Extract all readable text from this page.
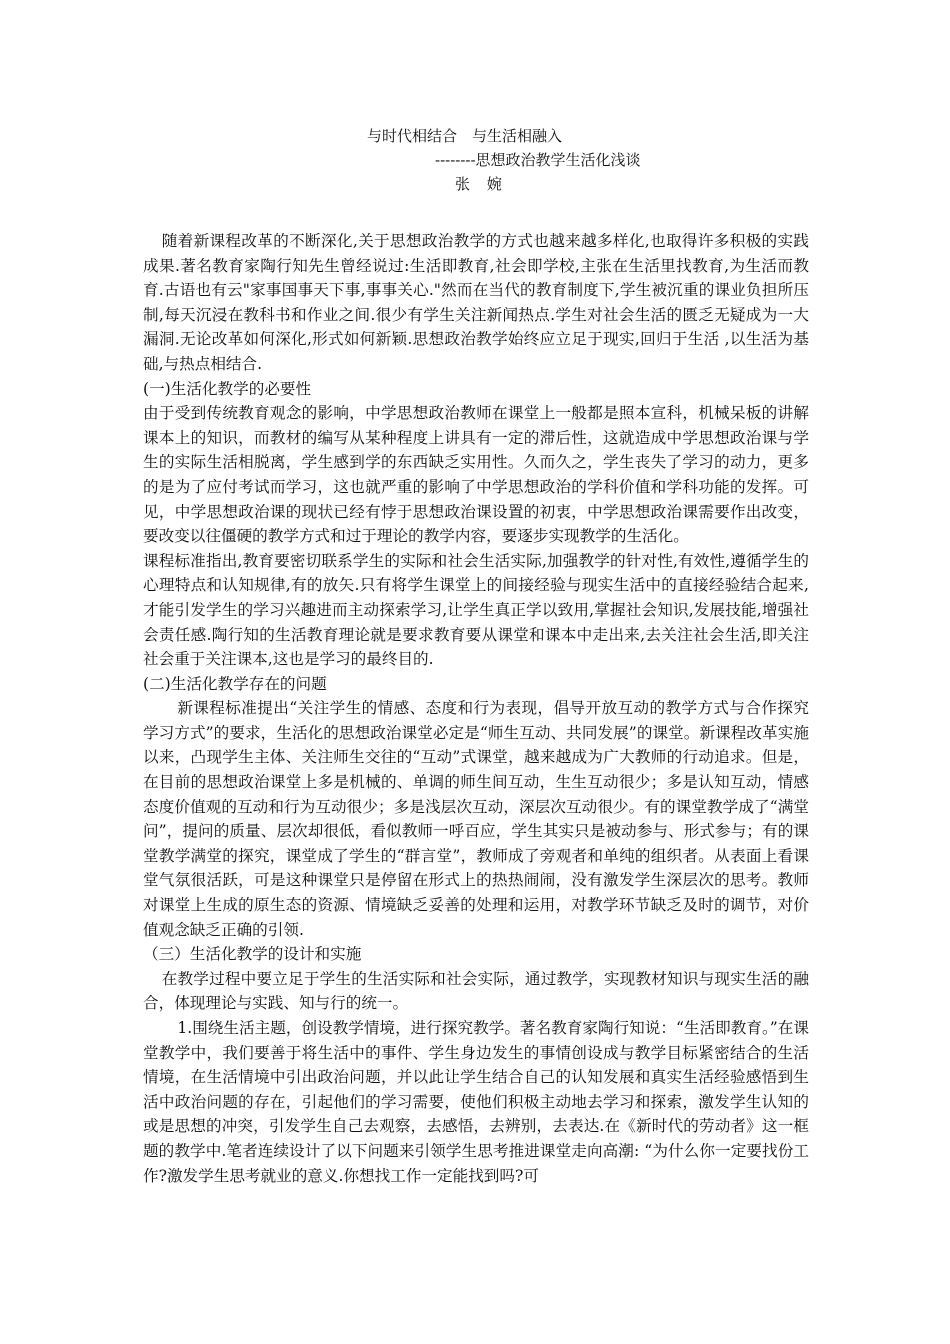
与时代相结合　与生活相融入
--------思想政治教学生活化浅谈
张 婉

随着新课程改革的不断深化,关于思想政治教学的方式也越来越多样化,也取得许多积极的实践成果.著名教育家陶行知先生曾经说过:生活即教育,社会即学校,主张在生活里找教育,为生活而教育.古语也有云"家事国事天下事,事事关心."然而在当代的教育制度下,学生被沉重的课业负担所压制,每天沉浸在教科书和作业之间.很少有学生关注新闻热点.学生对社会生活的匮乏无疑成为一大漏洞.无论改革如何深化,形式如何新颖.思想政治教学始终应立足于现实,回归于生活 ,以生活为基础,与热点相结合.

(一)生活化教学的必要性

由于受到传统教育观念的影响，中学思想政治教师在课堂上一般都是照本宣科，机械呆板的讲解课本上的知识，而教材的编写从某种程度上讲具有一定的滞后性，这就造成中学思想政治课与学生的实际生活相脱离，学生感到学的东西缺乏实用性。久而久之，学生丧失了学习的动力，更多的是为了应付考试而学习，这也就严重的影响了中学思想政治的学科价值和学科功能的发挥。可见，中学思想政治课的现状已经有悖于思想政治课设置的初衷，中学思想政治课需要作出改变，要改变以往僵硬的教学方式和过于理论的教学内容，要逐步实现教学的生活化。

课程标准指出,教育要密切联系学生的实际和社会生活实际,加强教学的针对性,有效性,遵循学生的心理特点和认知规律,有的放矢.只有将学生课堂上的间接经验与现实生活中的直接经验结合起来,才能引发学生的学习兴趣进而主动探索学习,让学生真正学以致用,掌握社会知识,发展技能,增强社会责任感.陶行知的生活教育理论就是要求教育要从课堂和课本中走出来,去关注社会生活,即关注社会重于关注课本,这也是学习的最终目的.

(二)生活化教学存在的问题

新课程标准提出“关注学生的情感、态度和行为表现，倡导开放互动的教学方式与合作探究学习方式”的要求，生活化的思想政治课堂必定是“师生互动、共同发展”的课堂。新课程改革实施以来，凸现学生主体、关注师生交往的“互动”式课堂，越来越成为广大教师的行动追求。但是，在目前的思想政治课堂上多是机械的、单调的师生间互动，生生互动很少；多是认知互动，情感态度价值观的互动和行为互动很少；多是浅层次互动，深层次互动很少。有的课堂教学成了“满堂问”，提问的质量、层次却很低，看似教师一呼百应，学生其实只是被动参与、形式参与；有的课堂教学满堂的探究，课堂成了学生的“群言堂”，教师成了旁观者和单纯的组织者。从表面上看课堂气氛很活跃，可是这种课堂只是停留在形式上的热热闹闹，没有激发学生深层次的思考。教师对课堂上生成的原生态的资源、情境缺乏妥善的处理和运用，对教学环节缺乏及时的调节，对价值观念缺乏正确的引领.

（三）生活化教学的设计和实施

在教学过程中要立足于学生的生活实际和社会实际，通过教学，实现教材知识与现实生活的融合，体现理论与实践、知与行的统一。

1.围绕生活主题，创设教学情境，进行探究教学。著名教育家陶行知说：“生活即教育。”在课堂教学中，我们要善于将生活中的事件、学生身边发生的事情创设成与教学目标紧密结合的生活情境，在生活情境中引出政治问题，并以此让学生结合自己的认知发展和真实生活经验感悟到生活中政治问题的存在，引起他们的学习需要，使他们积极主动地去学习和探索，激发学生认知的或是思想的冲突，引发学生自己去观察，去感悟，去辨别，去表达.在《新时代的劳动者》这一框题的教学中.笔者连续设计了以下问题来引领学生思考推进课堂走向高潮: “为什么你一定要找份工作?激发学生思考就业的意义.你想找工作一定能找到吗?可
